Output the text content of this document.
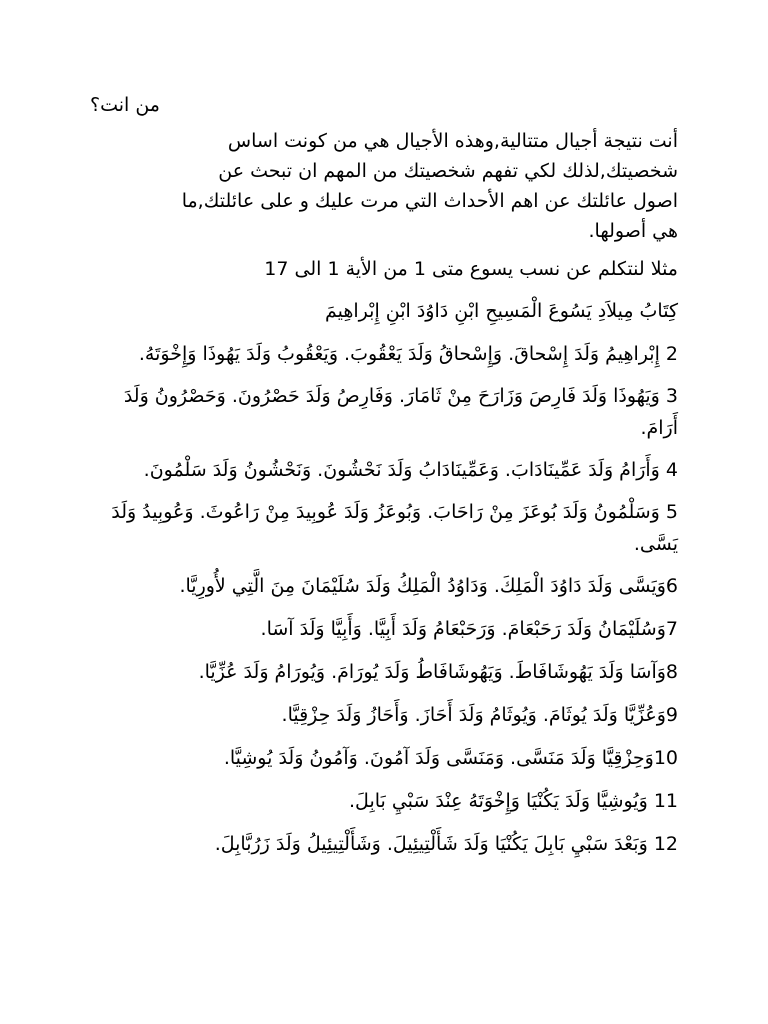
من انت؟

أنت نتيجة أجيال متتالية,وهذه الأجيال هي من كونت اساس
شخصيتك,لذلك لكي تفهم شخصيتك من المهم ان تبحث عن
اصول عائلتك عن اهم الأحداث التي مرت عليك و على عائلتك,ما
هي أصولها.

مثلا لنتكلم عن نسب يسوع متى 1 من الأية 1 الى 17

كِتَابُ مِيلاَدِ يَسُوعَ الْمَسِيحِ ابْنِ دَاوُدَ ابْنِ إِبْراهِيمَ

2 إِبْراهِيمُ وَلَدَ إِسْحاقَ. وَإِسْحاقُ وَلَدَ يَعْقُوبَ. وَيَعْقُوبُ وَلَدَ يَهُوذَا وَإِخْوَتَهُ.

3 وَيَهُوذَا وَلَدَ فَارِصَ وَزَارَحَ مِنْ ثَامَارَ. وَفَارِصُ وَلَدَ حَصْرُونَ. وَحَصْرُونُ وَلَدَ أَرَامَ.

4 وَأَرَامُ وَلَدَ عَمِّينَادَابَ. وَعَمِّينَادَابُ وَلَدَ نَحْشُونَ. وَنَحْشُونُ وَلَدَ سَلْمُونَ.

5 وَسَلْمُونُ وَلَدَ بُوعَزَ مِنْ رَاحَابَ. وَبُوعَزُ وَلَدَ عُوبِيدَ مِنْ رَاعُوثَ. وَعُوبِيدُ وَلَدَ يَسَّى.

6وَيَسَّى وَلَدَ دَاوُدَ الْمَلِكَ. وَدَاوُدُ الْمَلِكُ وَلَدَ سُلَيْمَانَ مِنَ الَّتِي لأُورِيَّا.

7وَسُلَيْمَانُ وَلَدَ رَحَبْعَامَ. وَرَحَبْعَامُ وَلَدَ أَبِيَّا. وَأَبِيَّا وَلَدَ آسَا.

8وَآسَا وَلَدَ يَهُوشَافَاطَ. وَيَهُوشَافَاطُ وَلَدَ يُورَامَ. وَيُورَامُ وَلَدَ عُزِّيَّا.

9وَعُزِّيَّا وَلَدَ يُوثَامَ. وَيُوثَامُ وَلَدَ أَحَازَ. وَأَحَازُ وَلَدَ حِزْقِيَّا.

10وَحِزْقِيَّا وَلَدَ مَنَسَّى. وَمَنَسَّى وَلَدَ آمُونَ. وَآمُونُ وَلَدَ يُوشِيَّا.

11 وَيُوشِيَّا وَلَدَ يَكُنْيَا وَإِخْوَتَهُ عِنْدَ سَبْيِ بَابِلَ.

12 وَبَعْدَ سَبْيِ بَابِلَ يَكُنْيَا وَلَدَ شَأَلْتِيئِيلَ. وَشَأَلْتِيئِيلُ وَلَدَ زَرُبَّابِلَ.
